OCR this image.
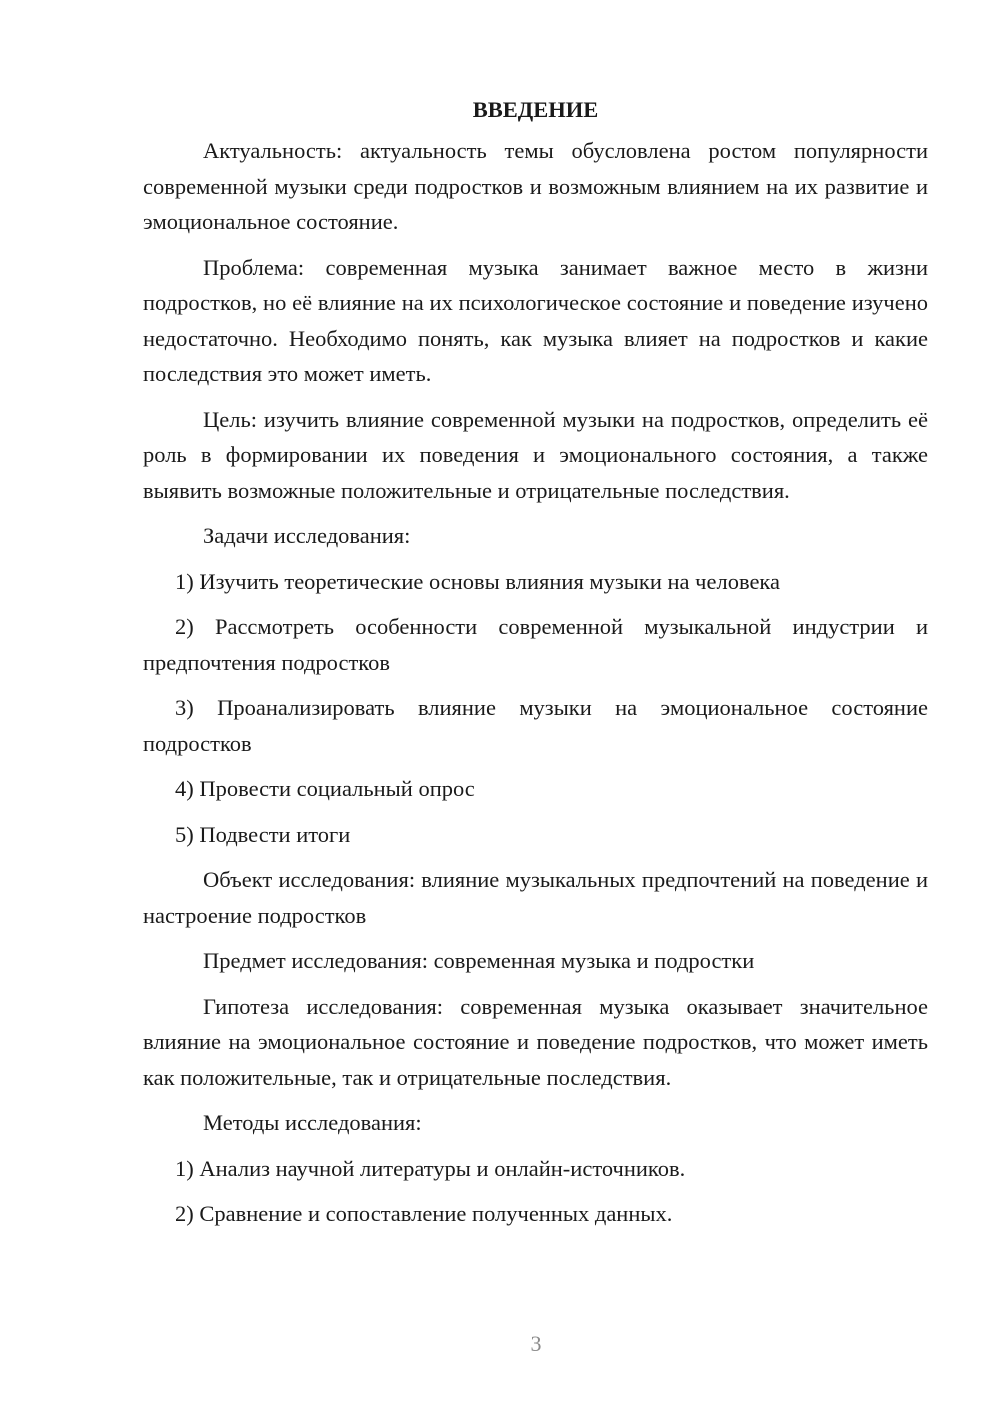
ВВЕДЕНИЕ

Актуальность: актуальность темы обусловлена ростом популярности современной музыки среди подростков и возможным влиянием на их развитие и эмоциональное состояние.

Проблема: современная музыка занимает важное место в жизни подростков, но её влияние на их психологическое состояние и поведение изучено недостаточно. Необходимо понять, как музыка влияет на подростков и какие последствия это может иметь.

Цель: изучить влияние современной музыки на подростков, определить её роль в формировании их поведения и эмоционального состояния, а также выявить возможные положительные и отрицательные последствия.

Задачи исследования:

1) Изучить теоретические основы влияния музыки на человека

2) Рассмотреть особенности современной музыкальной индустрии и предпочтения подростков

3) Проанализировать влияние музыки на эмоциональное состояние подростков

4) Провести социальный опрос

5) Подвести итоги

Объект исследования: влияние музыкальных предпочтений на поведение и настроение подростков

Предмет исследования: современная музыка и подростки

Гипотеза исследования: современная музыка оказывает значительное влияние на эмоциональное состояние и поведение подростков, что может иметь как положительные, так и отрицательные последствия.

Методы исследования:

1) Анализ научной литературы и онлайн-источников.

2) Сравнение и сопоставление полученных данных.

3
